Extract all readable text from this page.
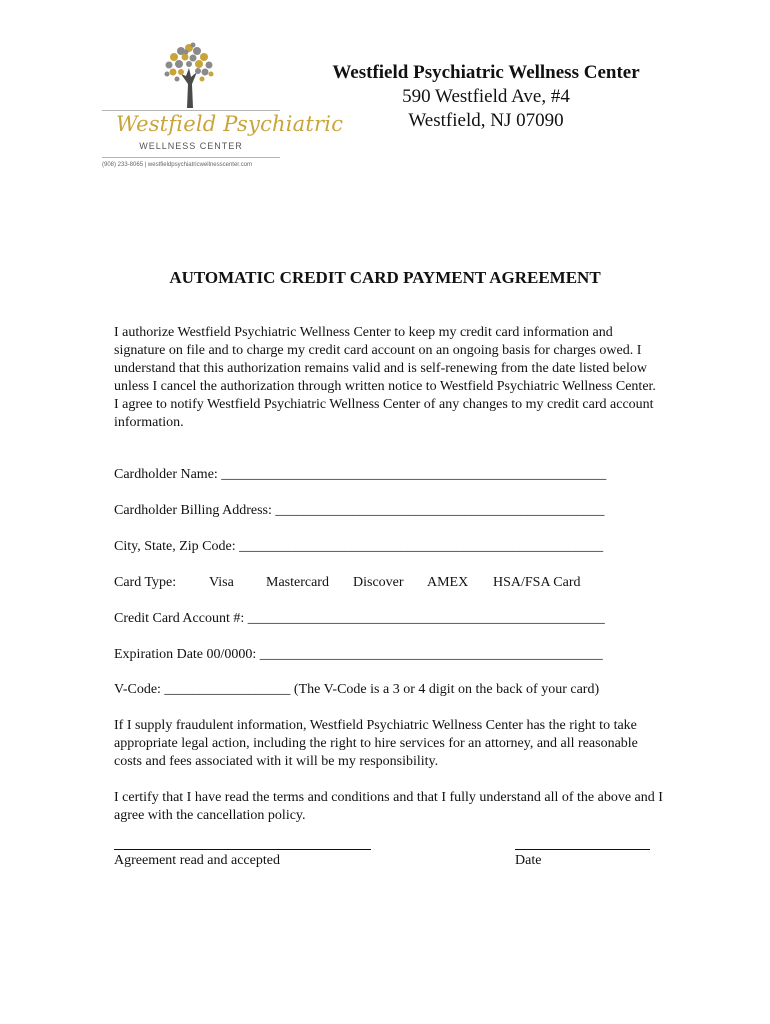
Westfield Psychiatric
WELLNESS CENTER
(908) 233-8065 | westfieldpsychiatricwellnesscenter.com
Westfield Psychiatric Wellness Center
590 Westfield Ave, #4
Westfield, NJ 07090
AUTOMATIC CREDIT CARD PAYMENT AGREEMENT

I authorize Westfield Psychiatric Wellness Center to keep my credit card information and signature on file and to charge my credit card account on an ongoing basis for charges owed. I understand that this authorization remains valid and is self-renewing from the date listed below unless I cancel the authorization through written notice to Westfield Psychiatric Wellness Center. I agree to notify Westfield Psychiatric Wellness Center of any changes to my credit card account information.

Cardholder Name: _______________________________________________________
Cardholder Billing Address: _______________________________________________
City, State, Zip Code: ____________________________________________________
Card Type: Visa Mastercard Discover AMEX HSA/FSA Card
Credit Card Account #: ___________________________________________________
Expiration Date 00/0000: _________________________________________________
V-Code: __________________ (The V-Code is a 3 or 4 digit on the back of your card)

If I supply fraudulent information, Westfield Psychiatric Wellness Center has the right to take appropriate legal action, including the right to hire services for an attorney, and all reasonable costs and fees associated with it will be my responsibility.

I certify that I have read the terms and conditions and that I fully understand all of the above and I agree with the cancellation policy.

Agreement read and accepted	Date
